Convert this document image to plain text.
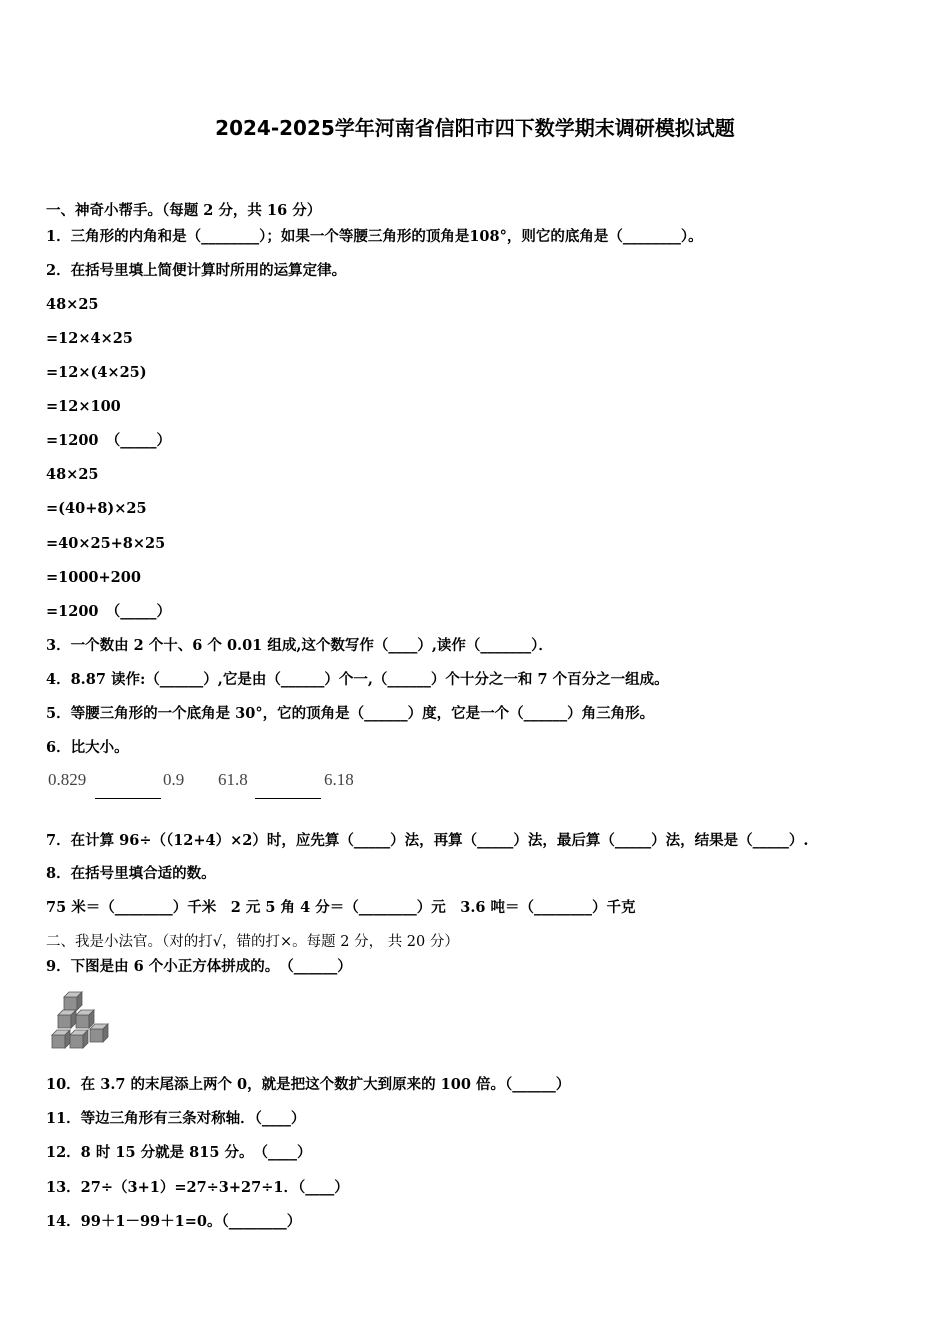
2024-2025学年河南省信阳市四下数学期末调研模拟试题
一、神奇小帮手。（每题 2 分，共 16 分）
1．三角形的内角和是（________）；如果一个等腰三角形的顶角是108°，则它的底角是（________）。
2．在括号里填上简便计算时所用的运算定律。
48×25
=12×4×25
=12×(4×25)
=12×100
=1200　（_____）
48×25
=(40+8)×25
=40×25+8×25
=1000+200
=1200　（_____）
3．一个数由 2 个十、6 个 0.01 组成,这个数写作（____）,读作（_______）．
4．8.87 读作:（______）,它是由（______）个一,（______）个十分之一和 7 个百分之一组成。
5．等腰三角形的一个底角是 30°，它的顶角是（______）度，它是一个（______）角三角形。
6．比大小。
0.829	0.9 61.8	6.18
7．在计算 96÷（（12+4）×2）时，应先算（_____）法，再算（_____）法，最后算（_____）法，结果是（_____）.
8．在括号里填合适的数。
75 米＝（________）千米　2 元 5 角 4 分＝（________）元　3.6 吨＝（________）千克
二、我是小法官。（对的打√，错的打×。每题 2 分， 共 20 分）
9．下图是由 6 个小正方体拼成的。　（______）
10．在 3.7 的末尾添上两个 0，就是把这个数扩大到原来的 100 倍。（______）
11．等边三角形有三条对称轴．（____）
12．8 时 15 分就是 815 分。　（____）
13．27÷（3+1）=27÷3+27÷1．（____）
14．99＋1－99＋1=0。（________）
